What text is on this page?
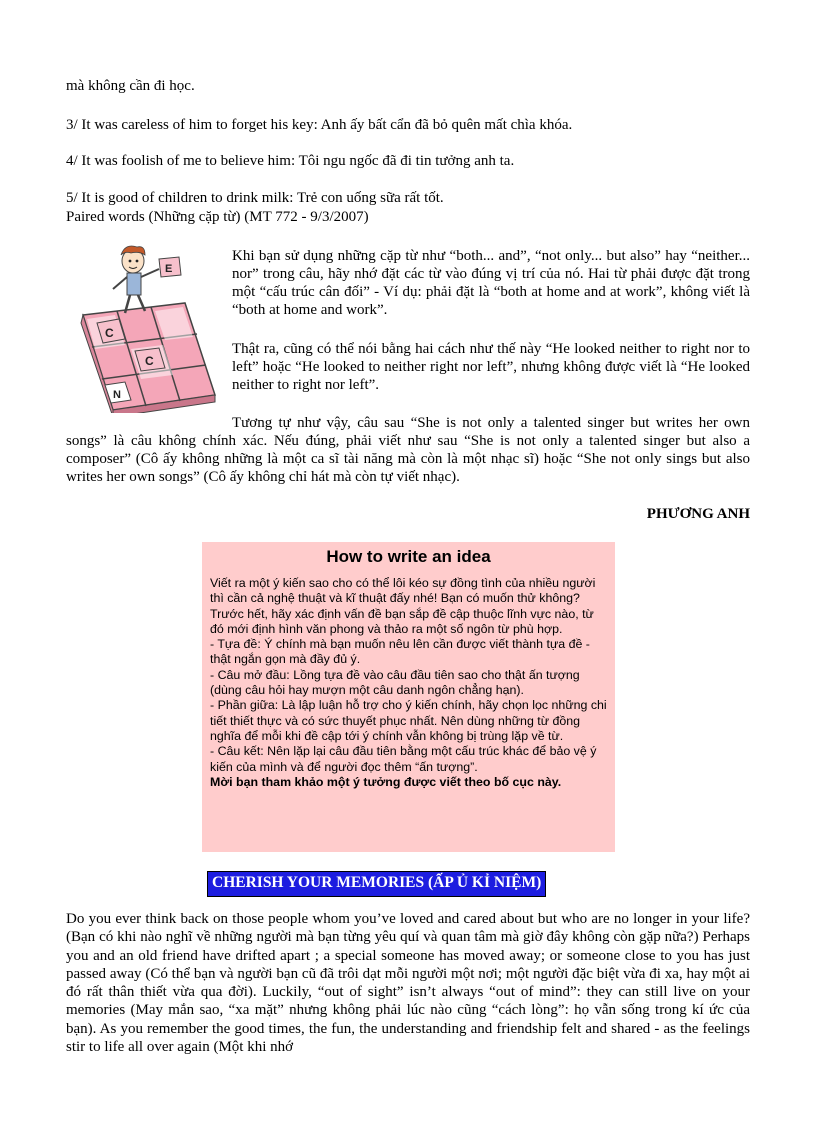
mà không cần đi học.
3/ It was careless of him to forget his key: Anh ấy bất cẩn đã bỏ quên mất chìa khóa.
4/ It was foolish of me to believe him: Tôi ngu ngốc đã đi tin tưởng anh ta.
5/ It is good of children to drink milk: Trẻ con uống sữa rất tốt.
Paired words (Những cặp từ) (MT 772 - 9/3/2007)
C
C
N
E

Khi bạn sử dụng những cặp từ như “both... and”, “not only... but also” hay “neither... nor” trong câu, hãy nhớ đặt các từ vào đúng vị trí của nó. Hai từ phải được đặt trong một “cấu trúc cân đối” - Ví dụ: phải đặt là “both at home and at work”, không viết là “both at home and work”.

Thật ra, cũng có thể nói bằng hai cách như thế này “He looked neither to right nor to left” hoặc “He looked to neither right nor left”, nhưng không được viết là “He looked neither to right nor left”.

Tương tự như vậy, câu sau “She is not only a talented singer but writes her own songs” là câu không chính xác. Nếu đúng, phải viết như sau “She is not only a talented singer but also a composer” (Cô ấy không những là một ca sĩ tài năng mà còn là một nhạc sĩ) hoặc “She not only sings but also writes her own songs” (Cô ấy không chỉ hát mà còn tự viết nhạc).

PHƯƠNG ANH
How to write an idea

Viết ra một ý kiến sao cho có thể lôi kéo sự đồng tình của nhiều người thì cần cả nghệ thuật và kĩ thuật đấy nhé! Bạn có muốn thử không?

Trước hết, hãy xác định vấn đề bạn sắp đề cập thuộc lĩnh vực nào, từ đó mới định hình văn phong và thảo ra một số ngôn từ phù hợp.

- Tựa đề: Ý chính mà bạn muốn nêu lên cần được viết thành tựa đề - thật ngắn gọn mà đầy đủ ý.

- Câu mở đầu: Lồng tựa đề vào câu đầu tiên sao cho thật ấn tượng (dùng câu hỏi hay mượn một câu danh ngôn chẳng hạn).

- Phần giữa: Là lập luận hỗ trợ cho ý kiến chính, hãy chọn lọc những chi tiết thiết thực và có sức thuyết phục nhất. Nên dùng những từ đồng nghĩa để mỗi khi đề cập tới ý chính vẫn không bị trùng lặp về từ.

- Câu kết: Nên lặp lại câu đầu tiên bằng một cấu trúc khác để bảo vệ ý kiến của mình và để người đọc thêm “ấn tượng”.

Mời bạn tham khảo một ý tưởng được viết theo bố cục này.

CHERISH YOUR MEMORIES (ẤP Ủ KỈ NIỆM)

Do you ever think back on those people whom you’ve loved and cared about but who are no longer in your life? (Bạn có khi nào nghĩ về những người mà bạn từng yêu quí và quan tâm mà giờ đây không còn gặp nữa?) Perhaps you and an old friend have drifted apart ; a special someone has moved away; or someone close to you has just passed away (Có thể bạn và người bạn cũ đã trôi dạt mỗi người một nơi; một người đặc biệt vừa đi xa, hay một ai đó rất thân thiết vừa qua đời). Luckily, “out of sight” isn’t always “out of mind”: they can still live on your memories (May mắn sao, “xa mặt” nhưng không phải lúc nào cũng “cách lòng”: họ vẫn sống trong kí ức của bạn). As you remember the good times, the fun, the understanding and friendship felt and shared - as the feelings stir to life all over again (Một khi nhớ
